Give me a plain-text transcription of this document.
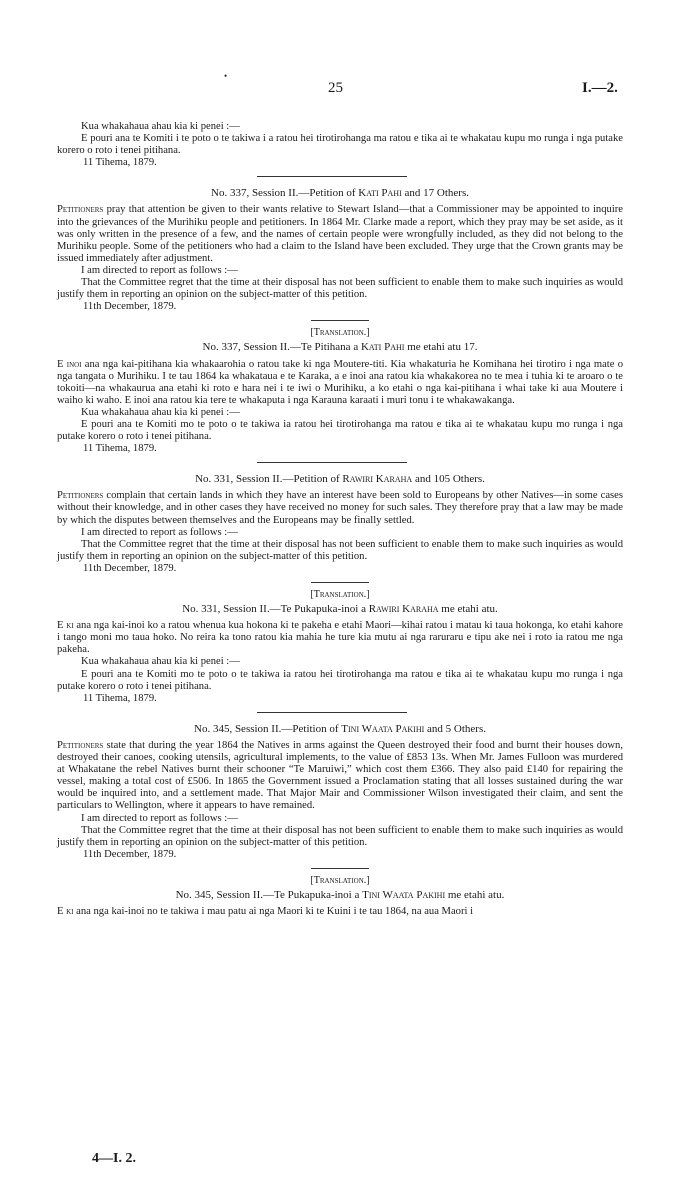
•
25	I.—2.

Kua whakahaua ahau kia ki penei :—

E pouri ana te Komiti i te poto o te takiwa i a ratou hei tirotirohanga ma ratou e tika ai te whakatau kupu mo runga i nga putake korero o roto i tenei pitihana.

11 Tihema, 1879.

No. 337, Session II.—Petition of Kati Pahi and 17 Others.

Petitioners pray that attention be given to their wants relative to Stewart Island—that a Commissioner may be appointed to inquire into the grievances of the Murihiku people and petitioners. In 1864 Mr. Clarke made a report, which they pray may be set aside, as it was only written in the presence of a few, and the names of certain people were wrongfully included, as they did not belong to the Murihiku people. Some of the petitioners who had a claim to the Island have been excluded. They urge that the Crown grants may be issued immediately after adjustment.

I am directed to report as follows :—

That the Committee regret that the time at their disposal has not been sufficient to enable them to make such inquiries as would justify them in reporting an opinion on the subject-matter of this petition.

11th December, 1879.

[Translation.]

No. 337, Session II.—Te Pitihana a Kati Pahi me etahi atu 17.

E inoi ana nga kai-pitihana kia whakaarohia o ratou take ki nga Moutere-titi. Kia whakaturia he Komihana hei tirotiro i nga mate o nga tangata o Murihiku. I te tau 1864 ka whakataua e te Karaka, a e inoi ana ratou kia whakakorea no te mea i tuhia ki te aroaro o te tokoiti—na whakaurua ana etahi ki roto e hara nei i te iwi o Murihiku, a ko etahi o nga kai-pitihana i whai take ki aua Moutere i waiho ki waho. E inoi ana ratou kia tere te whakaputa i nga Karauna karaati i muri tonu i te whakawakanga.

Kua whakahaua ahau kia ki penei :—

E pouri ana te Komiti mo te poto o te takiwa ia ratou hei tirotirohanga ma ratou e tika ai te whakatau kupu mo runga i nga putake korero o roto i tenei pitihana.

11 Tihema, 1879.

No. 331, Session II.—Petition of Rawiri Karaha and 105 Others.

Petitioners complain that certain lands in which they have an interest have been sold to Europeans by other Natives—in some cases without their knowledge, and in other cases they have received no money for such sales. They therefore pray that a law may be made by which the disputes between themselves and the Europeans may be finally settled.

I am directed to report as follows :—

That the Committee regret that the time at their disposal has not been sufficient to enable them to make such inquiries as would justify them in reporting an opinion on the subject-matter of this petition.

11th December, 1879.

[Translation.]

No. 331, Session II.—Te Pukapuka-inoi a Rawiri Karaha me etahi atu.

E ki ana nga kai-inoi ko a ratou whenua kua hokona ki te pakeha e etahi Maori—kihai ratou i matau ki taua hokonga, ko etahi kahore i tango moni mo taua hoko. No reira ka tono ratou kia mahia he ture kia mutu ai nga raruraru e tipu ake nei i roto ia ratou me nga pakeha.

Kua whakahaua ahau kia ki penei :—

E pouri ana te Komiti mo te poto o te takiwa ia ratou hei tirotirohanga ma ratou e tika ai te whakatau kupu mo runga i nga putake korero o roto i tenei pitihana.

11 Tihema, 1879.

No. 345, Session II.—Petition of Tini Waata Pakihi and 5 Others.

Petitioners state that during the year 1864 the Natives in arms against the Queen destroyed their food and burnt their houses down, destroyed their canoes, cooking utensils, agricultural implements, to the value of £853 13s. When Mr. James Fulloon was murdered at Whakatane the rebel Natives burnt their schooner “Te Maruiwi,” which cost them £366. They also paid £140 for repairing the vessel, making a total cost of £506. In 1865 the Government issued a Proclamation stating that all losses sustained during the war would be inquired into, and a settlement made. That Major Mair and Commissioner Wilson investigated their claim, and sent the particulars to Wellington, where it appears to have remained.

I am directed to report as follows :—

That the Committee regret that the time at their disposal has not been sufficient to enable them to make such inquiries as would justify them in reporting an opinion on the subject-matter of this petition.

11th December, 1879.

[Translation.]

No. 345, Session II.—Te Pukapuka-inoi a Tini Waata Pakihi me etahi atu.

E ki ana nga kai-inoi no te takiwa i mau patu ai nga Maori ki te Kuini i te tau 1864, na aua Maori i

4—I. 2.
